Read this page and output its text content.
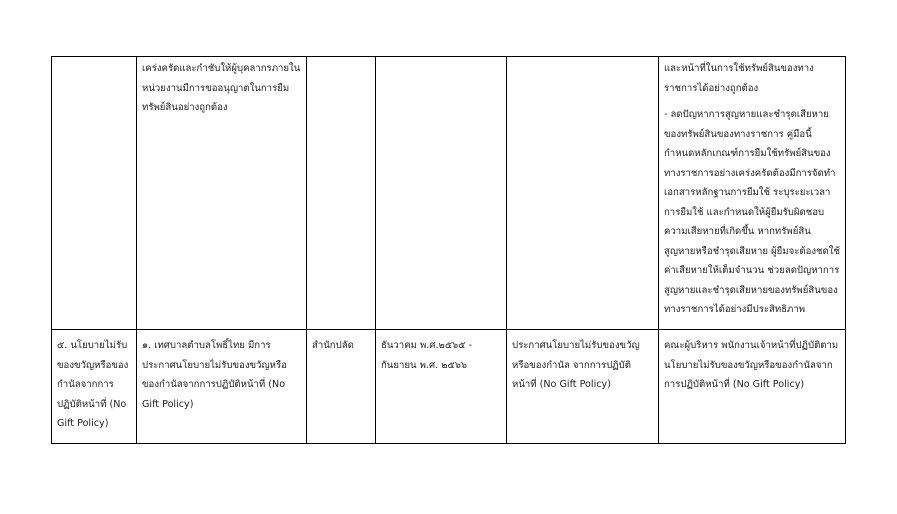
	เคร่งครัดและกำชับให้ผู้บุคลากรภายในหน่วยงานมีการขออนุญาตในการยืมทรัพย์สินอย่างถูกต้อง				และหน้าที่ในการใช้ทรัพย์สินของทางราชการได้อย่างถูกต้อง

- ลดปัญหาการสูญหายและชำรุดเสียหายของทรัพย์สินของทางราชการ คู่มือนี้กำหนดหลักเกณฑ์การยืมใช้ทรัพย์สินของทางราชการอย่างเคร่งครัดต้องมีการจัดทำเอกสารหลักฐานการยืมใช้ ระบุระยะเวลาการยืมใช้ และกำหนดให้ผู้ยืมรับผิดชอบความเสียหายที่เกิดขึ้น หากทรัพย์สินสูญหายหรือชำรุดเสียหาย ผู้ยืมจะต้องชดใช้ค่าเสียหายให้เต็มจำนวน ช่วยลดปัญหาการสูญหายและชำรุดเสียหายของทรัพย์สินของทางราชการได้อย่างมีประสิทธิภาพ

๕. นโยบายไม่รับของขวัญหรือของกำนัลจากการปฏิบัติหน้าที่ (No Gift Policy)	๑. เทศบาลตำบลโพธิ์ไทย มีการประกาศนโยบายไม่รับของขวัญหรือของกำนัลจากการปฏิบัติหน้าที่ (No Gift Policy)	สำนักปลัด	ธันวาคม พ.ศ.๒๕๖๕ - กันยายน พ.ศ. ๒๕๖๖	ประกาศนโยบายไม่รับของขวัญหรือของกำนัล จากการปฏิบัติหน้าที่ (No Gift Policy)	คณะผู้บริหาร พนักงานเจ้าหน้าที่ปฏิบัติตามนโยบายไม่รับของขวัญหรือของกำนัลจากการปฏิบัติหน้าที่ (No Gift Policy)
